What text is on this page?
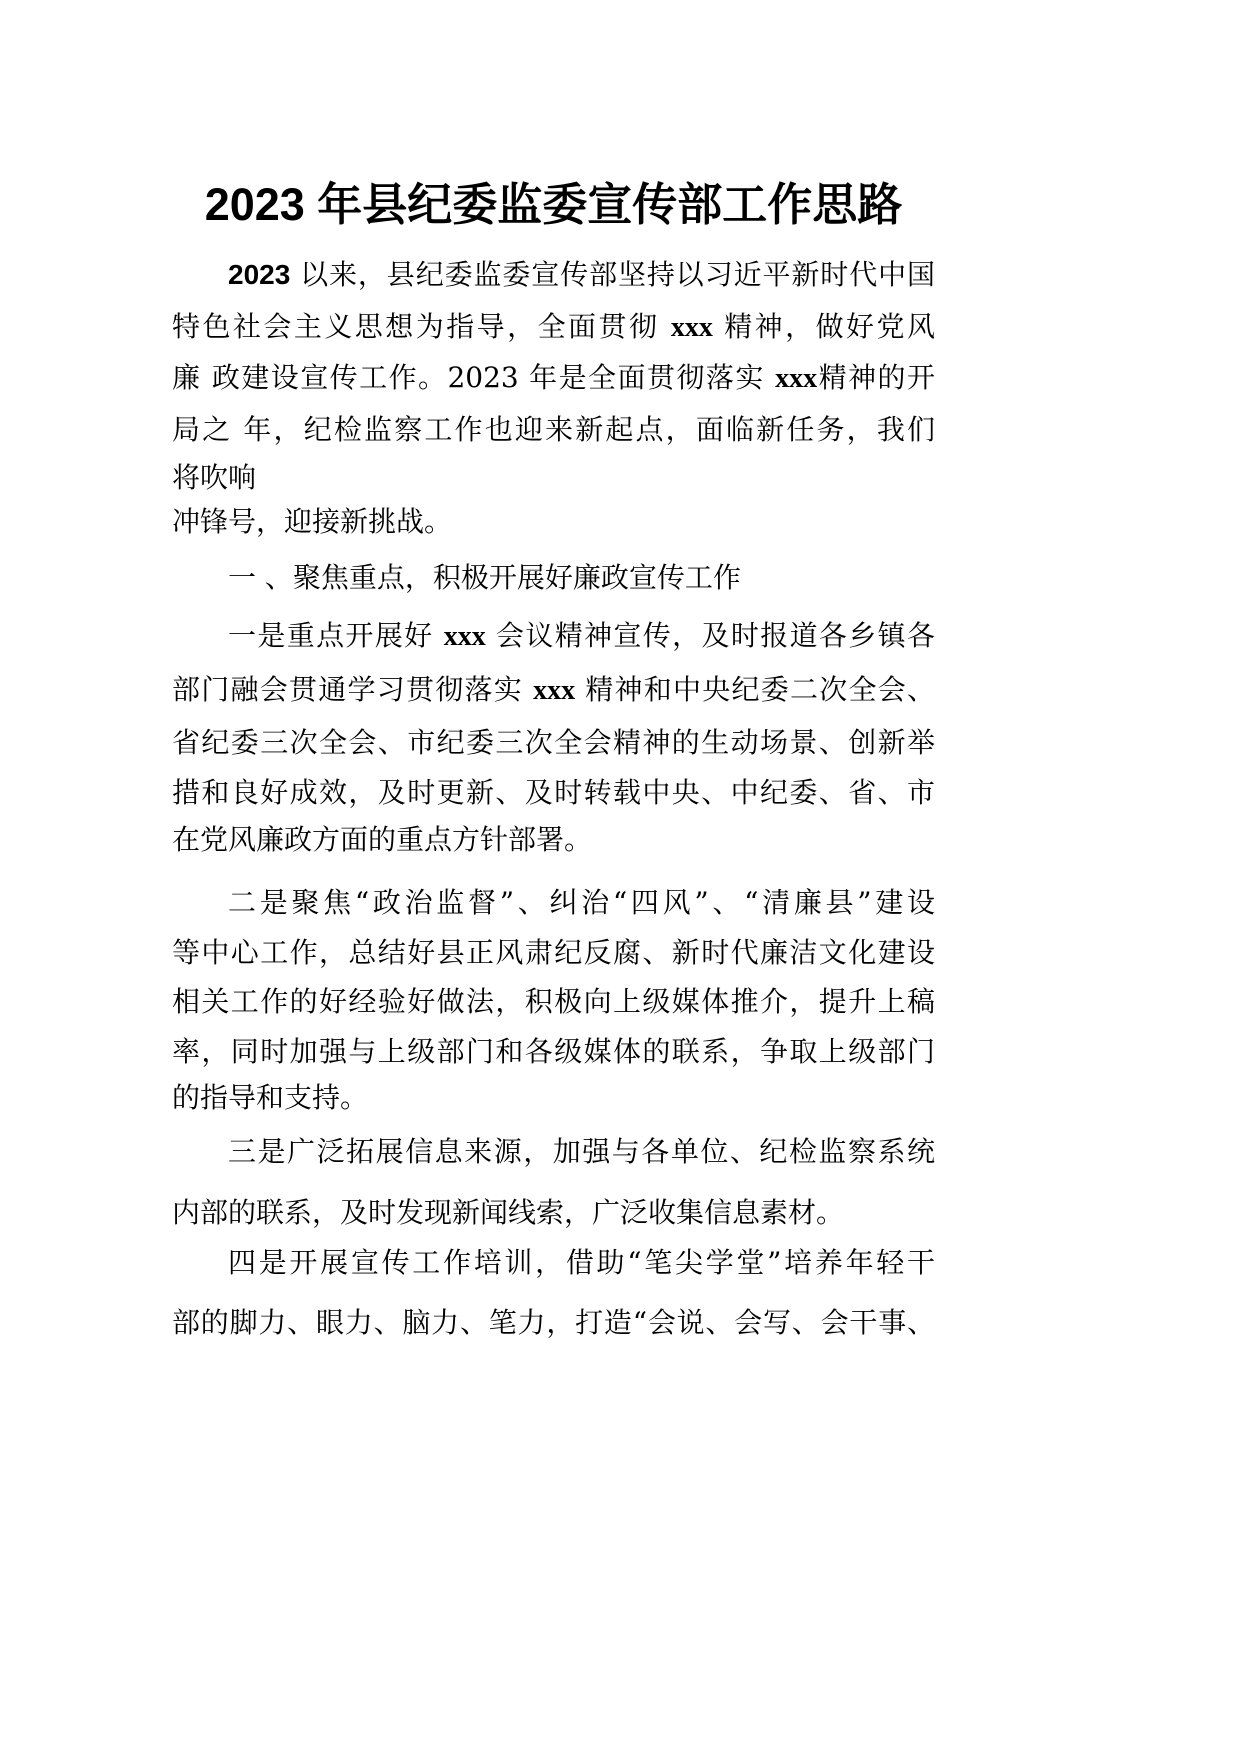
2023 年县纪委监委宣传部工作思路
2023 以来，县纪委监委宣传部坚持以习近平新时代中国
特色社会主义思想为指导，全面贯彻 xxx 精神，做好党风
廉 政建设宣传工作。2023 年是全面贯彻落实 xxx精神的开
局之 年，纪检监察工作也迎来新起点，面临新任务，我们
将吹响
冲锋号，迎接新挑战。
一 、聚焦重点，积极开展好廉政宣传工作
一是重点开展好 xxx 会议精神宣传，及时报道各乡镇各
部门融会贯通学习贯彻落实 xxx 精神和中央纪委二次全会、
省纪委三次全会、市纪委三次全会精神的生动场景、创新举
措和良好成效，及时更新、及时转载中央、中纪委、省、市
在党风廉政方面的重点方针部署。
二是聚焦“政治监督”、纠治“四风”、“清廉县”建设
等中心工作，总结好县正风肃纪反腐、新时代廉洁文化建设
相关工作的好经验好做法，积极向上级媒体推介，提升上稿
率，同时加强与上级部门和各级媒体的联系，争取上级部门
的指导和支持。
三是广泛拓展信息来源，加强与各单位、纪检监察系统
内部的联系，及时发现新闻线索，广泛收集信息素材。
四是开展宣传工作培训，借助“笔尖学堂”培养年轻干
部的脚力、眼力、脑力、笔力，打造“会说、会写、会干事、
